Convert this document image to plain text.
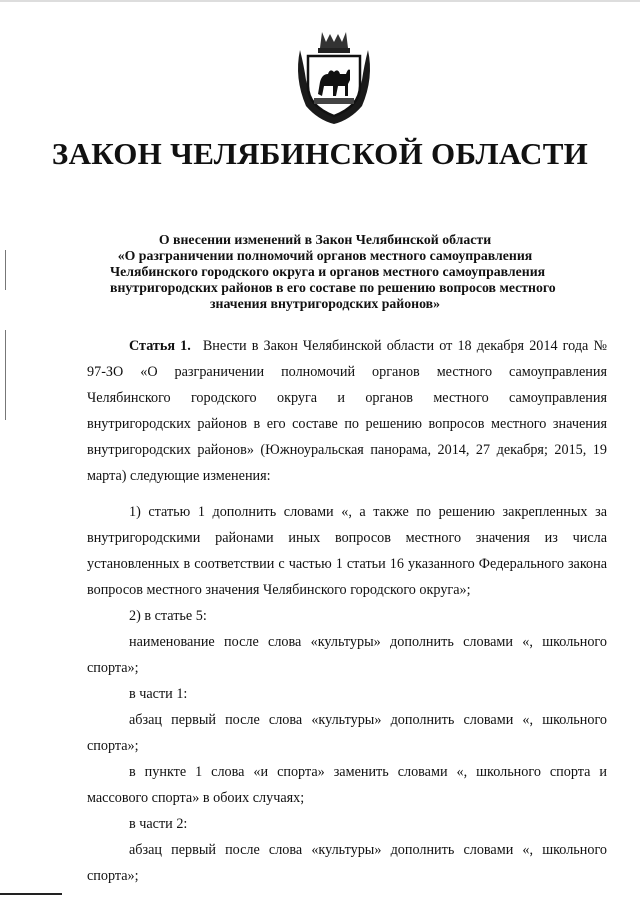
ЗАКОН ЧЕЛЯБИНСКОЙ ОБЛАСТИ
О внесении изменений в Закон Челябинской области
«О разграничении полномочий органов местного самоуправления
Челябинского городского округа и органов местного самоуправления
внутригородских районов в его составе по решению вопросов местного
значения внутригородских районов»

Статья 1. Внести в Закон Челябинской области от 18 декабря 2014 года № 97-ЗО «О разграничении полномочий органов местного самоуправления Челябинского городского округа и органов местного самоуправления внутригородских районов в его составе по решению вопросов местного значения внутригородских районов» (Южноуральская панорама, 2014, 27 декабря; 2015, 19 марта) следующие изменения:

1) статью 1 дополнить словами «, а также по решению закрепленных за внутригородскими районами иных вопросов местного значения из числа установленных в соответствии с частью 1 статьи 16 указанного Федерального закона вопросов местного значения Челябинского городского округа»;

2) в статье 5:

наименование после слова «культуры» дополнить словами «, школьного спорта»;

в части 1:

абзац первый после слова «культуры» дополнить словами «, школьного спорта»;

в пункте 1 слова «и спорта» заменить словами «, школьного спорта и массового спорта» в обоих случаях;

в части 2:

абзац первый после слова «культуры» дополнить словами «, школьного спорта»;
